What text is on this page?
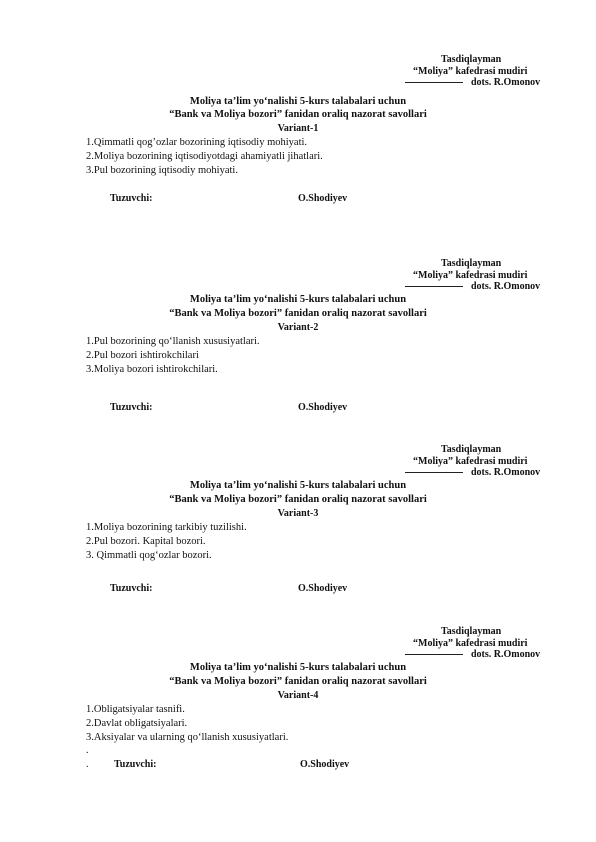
Tasdiqlayman
“Moliya” kafedrasi mudiri
dots. R.Omonov
Moliya ta’lim yo‘nalishi 5-kurs talabalari uchun
“Bank va Moliya bozori” fanidan oraliq nazorat savollari
Variant-1
1.Qimmatli qog’ozlar bozorining iqtisodiy mohiyati.
2.Moliya bozorining iqtisodiyotdagi ahamiyatli jihatlari.
3.Pul bozorining iqtisodiy mohiyati.
Tuzuvchi:	O.Shodiyev
Tasdiqlayman
“Moliya” kafedrasi mudiri
dots. R.Omonov
Moliya ta’lim yo‘nalishi 5-kurs talabalari uchun
“Bank va Moliya bozori” fanidan oraliq nazorat savollari
Variant-2
1.Pul bozorining qo‘llanish xususiyatlari.
2.Pul bozori ishtirokchilari
3.Moliya bozori ishtirokchilari.
Tuzuvchi:	O.Shodiyev
Tasdiqlayman
“Moliya” kafedrasi mudiri
dots. R.Omonov
Moliya ta’lim yo‘nalishi 5-kurs talabalari uchun
“Bank va Moliya bozori” fanidan oraliq nazorat savollari
Variant-3
1.Moliya bozorining tarkibiy tuzilishi.
2.Pul bozori. Kapital bozori.
3. Qimmatli qog‘ozlar bozori.
Tuzuvchi:	O.Shodiyev
Tasdiqlayman
“Moliya” kafedrasi mudiri
dots. R.Omonov
Moliya ta’lim yo‘nalishi 5-kurs talabalari uchun
“Bank va Moliya bozori” fanidan oraliq nazorat savollari
Variant-4
1.Obligatsiyalar tasnifi.
2.Davlat obligatsiyalari.
3.Aksiyalar va ularning qo‘llanish xususiyatlari.
.
.	Tuzuvchi:	O.Shodiyev
